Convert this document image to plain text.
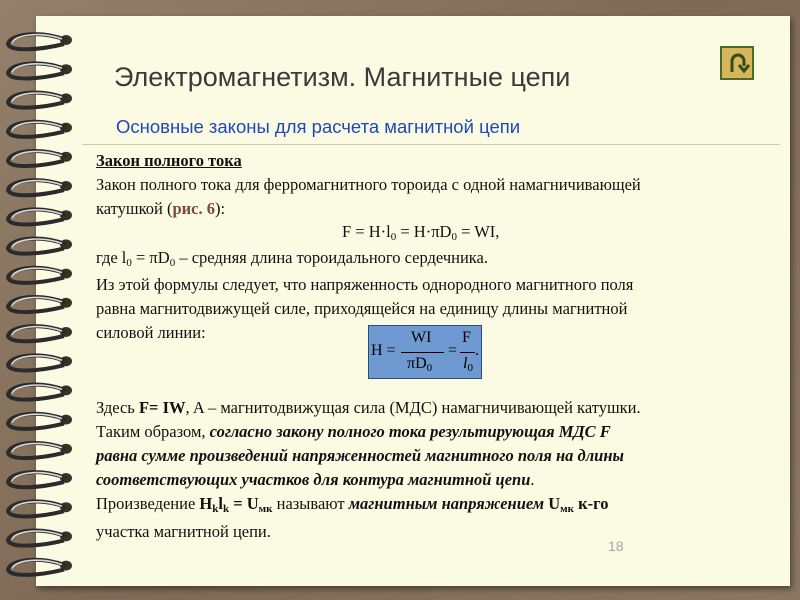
Электромагнетизм. Магнитные цепи
Основные законы для расчета магнитной цепи
Закон полного тока
Закон полного тока для ферромагнитного тороида с одной намагничивающей
катушкой (рис. 6):
$F = H\cdot l_0 = H\cdot\pi D_0$ = WI,
где $l_0 = \pi D_0$ – средняя длина тороидального сердечника.
Из этой формулы следует, что напряженность однородного магнитного поля
равна магнитодвижущей силе, приходящейся на единицу длины магнитной
силовой линии:
H =
WI
$\pi D_0$
=
F
$l_0$
.
Здесь F= IW, A – магнитодвижущая сила (МДС) намагничивающей катушки.
Таким образом, согласно закону полного тока результирующая МДС F
равна сумме произведений напряженностей магнитного поля на длины
соответствующих участков для контура магнитной цепи.
Произведение $H_kl_k = U_{мк}$ называют магнитным напряжением $U_{мк}$ к-го
участка магнитной цепи.
18
